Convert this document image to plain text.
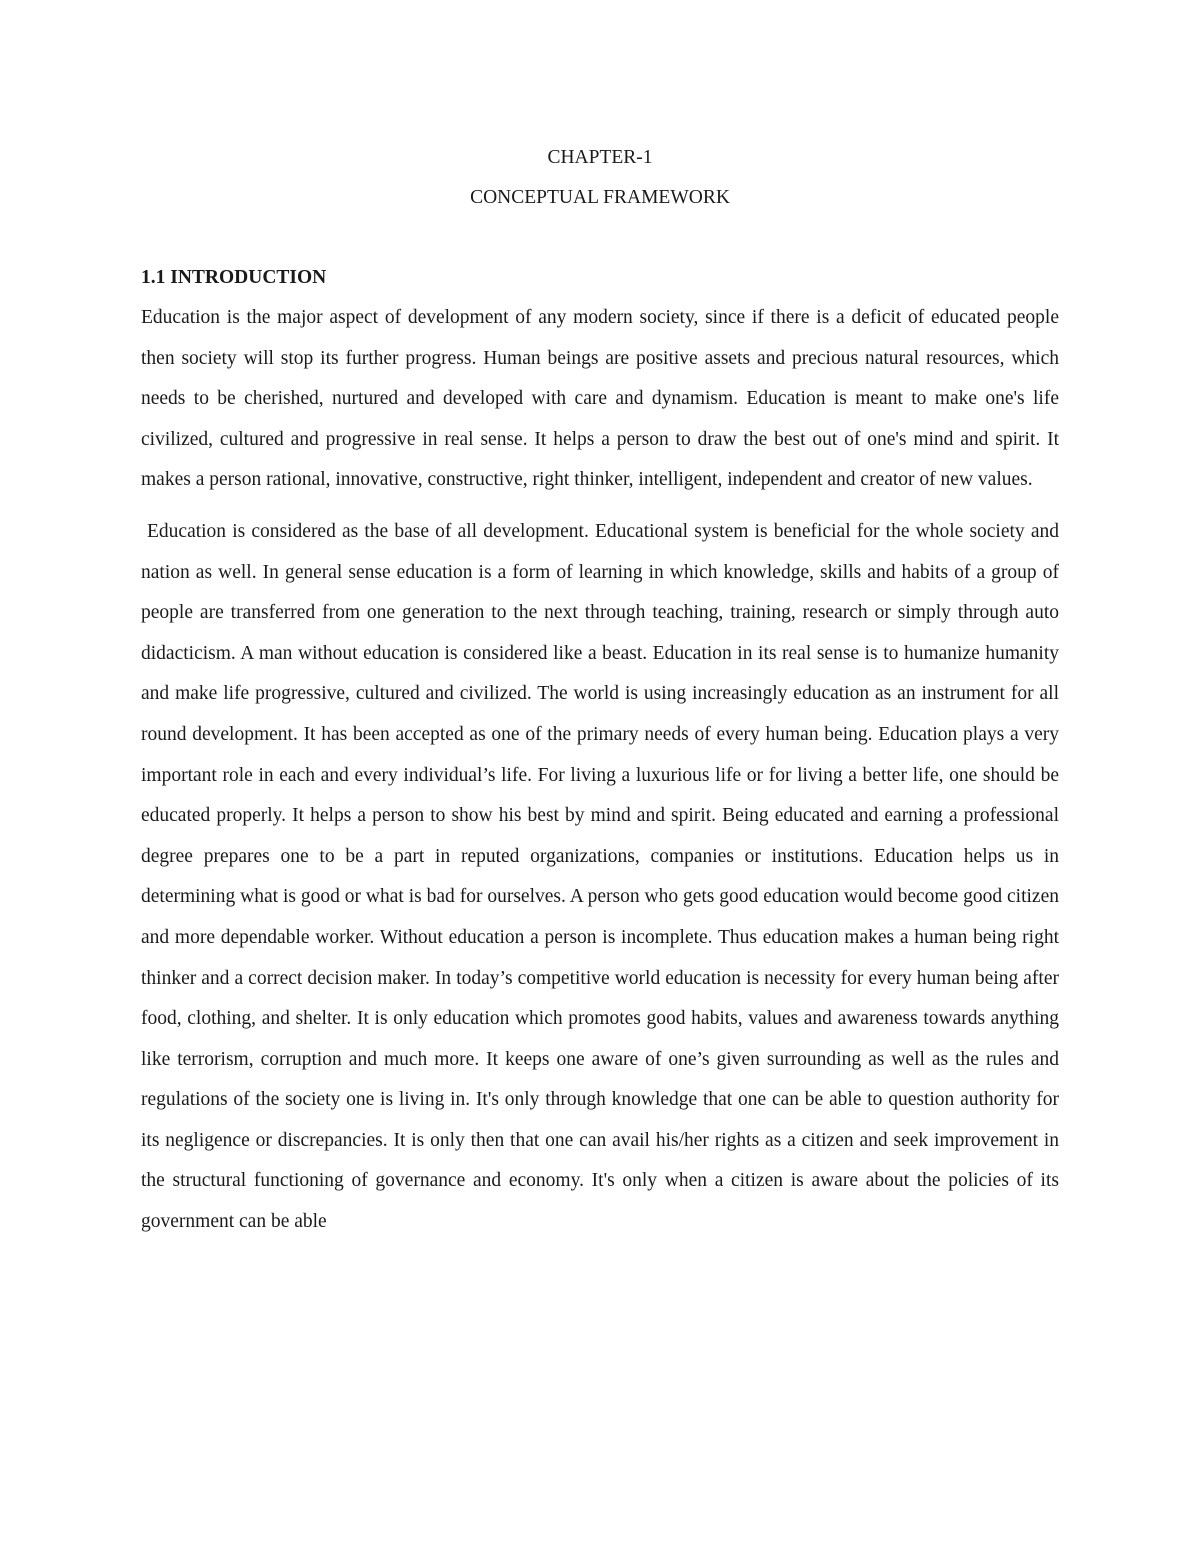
CHAPTER-1
CONCEPTUAL FRAMEWORK
1.1 INTRODUCTION

Education is the major aspect of development of any modern society, since if there is a deficit of educated people then society will stop its further progress. Human beings are positive assets and precious natural resources, which needs to be cherished, nurtured and developed with care and dynamism. Education is meant to make one's life civilized, cultured and progressive in real sense. It helps a person to draw the best out of one's mind and spirit. It makes a person rational, innovative, constructive, right thinker, intelligent, independent and creator of new values.

Education is considered as the base of all development. Educational system is beneficial for the whole society and nation as well. In general sense education is a form of learning in which knowledge, skills and habits of a group of people are transferred from one generation to the next through teaching, training, research or simply through auto didacticism. A man without education is considered like a beast. Education in its real sense is to humanize humanity and make life progressive, cultured and civilized. The world is using increasingly education as an instrument for all round development. It has been accepted as one of the primary needs of every human being. Education plays a very important role in each and every individual’s life. For living a luxurious life or for living a better life, one should be educated properly. It helps a person to show his best by mind and spirit. Being educated and earning a professional degree prepares one to be a part in reputed organizations, companies or institutions. Education helps us in determining what is good or what is bad for ourselves. A person who gets good education would become good citizen and more dependable worker. Without education a person is incomplete. Thus education makes a human being right thinker and a correct decision maker. In today’s competitive world education is necessity for every human being after food, clothing, and shelter. It is only education which promotes good habits, values and awareness towards anything like terrorism, corruption and much more. It keeps one aware of one’s given surrounding as well as the rules and regulations of the society one is living in. It's only through knowledge that one can be able to question authority for its negligence or discrepancies. It is only then that one can avail his/her rights as a citizen and seek improvement in the structural functioning of governance and economy. It's only when a citizen is aware about the policies of its government can be able
